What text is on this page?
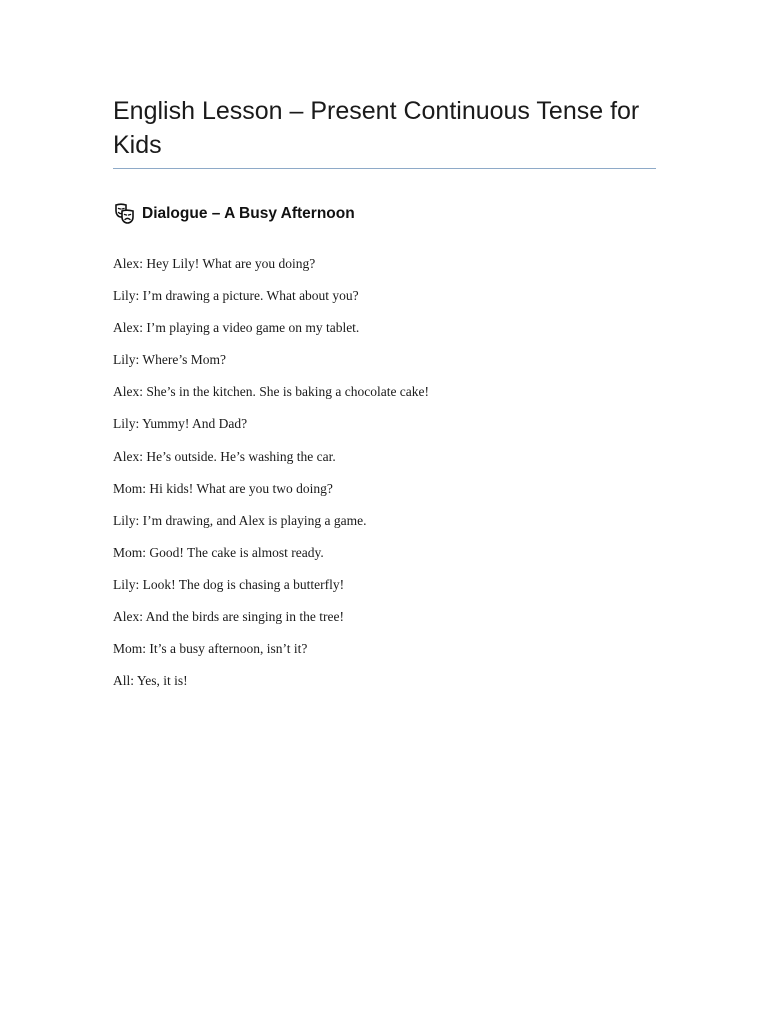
English Lesson – Present Continuous Tense for Kids
Dialogue – A Busy Afternoon
Alex: Hey Lily! What are you doing?
Lily: I’m drawing a picture. What about you?
Alex: I’m playing a video game on my tablet.
Lily: Where’s Mom?
Alex: She’s in the kitchen. She is baking a chocolate cake!
Lily: Yummy! And Dad?
Alex: He’s outside. He’s washing the car.
Mom: Hi kids! What are you two doing?
Lily: I’m drawing, and Alex is playing a game.
Mom: Good! The cake is almost ready.
Lily: Look! The dog is chasing a butterfly!
Alex: And the birds are singing in the tree!
Mom: It’s a busy afternoon, isn’t it?
All: Yes, it is!
